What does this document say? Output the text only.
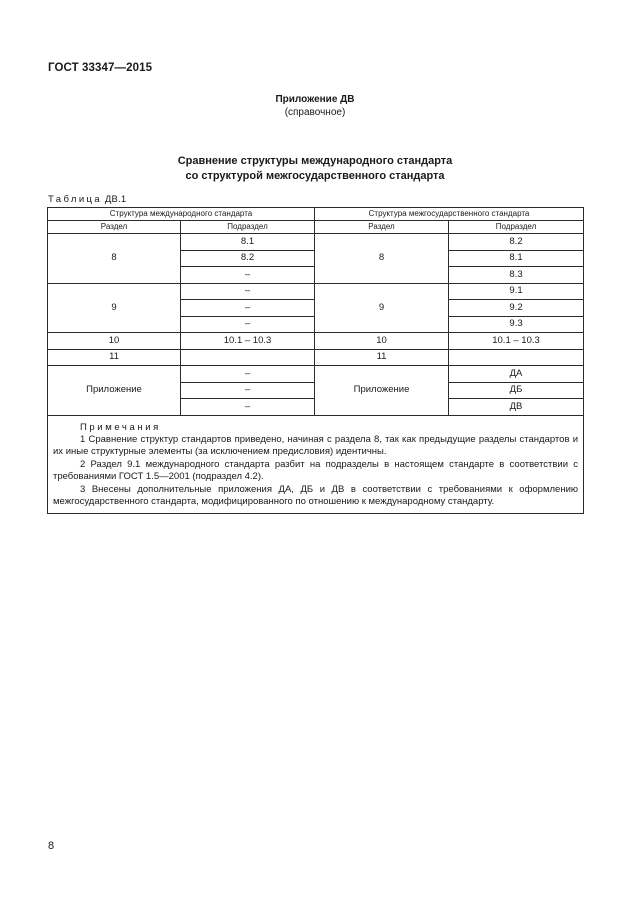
ГОСТ 33347—2015
Приложение ДВ
(справочное)
Сравнение структуры международного стандарта
со структурой межгосударственного стандарта
Таблица ДВ.1
Структура международного стандарта		Структура межгосударственного стандарта	
Раздел	Подраздел	Раздел	Подраздел
8	8.1	8	8.2
	8.2		8.1
	–		8.3
9	–	9	9.1
	–		9.2
	–		9.3
10	10.1 – 10.3	10	10.1 – 10.3
11		11	
Приложение	–	Приложение	ДА
	–		ДБ
	–		ДВ

Примечания

1 Сравнение структур стандартов приведено, начиная с раздела 8, так как предыдущие разделы стандартов и их иные структурные элементы (за исключением предисловия) идентичны.

2 Раздел 9.1 международного стандарта разбит на подразделы в настоящем стандарте в соответствии с требованиями ГОСТ 1.5—2001 (подраздел 4.2).

3 Внесены дополнительные приложения ДА, ДБ и ДВ в соответствии с требованиями к оформлению межгосударственного стандарта, модифицированного по отношению к международному стандарту.			

8
